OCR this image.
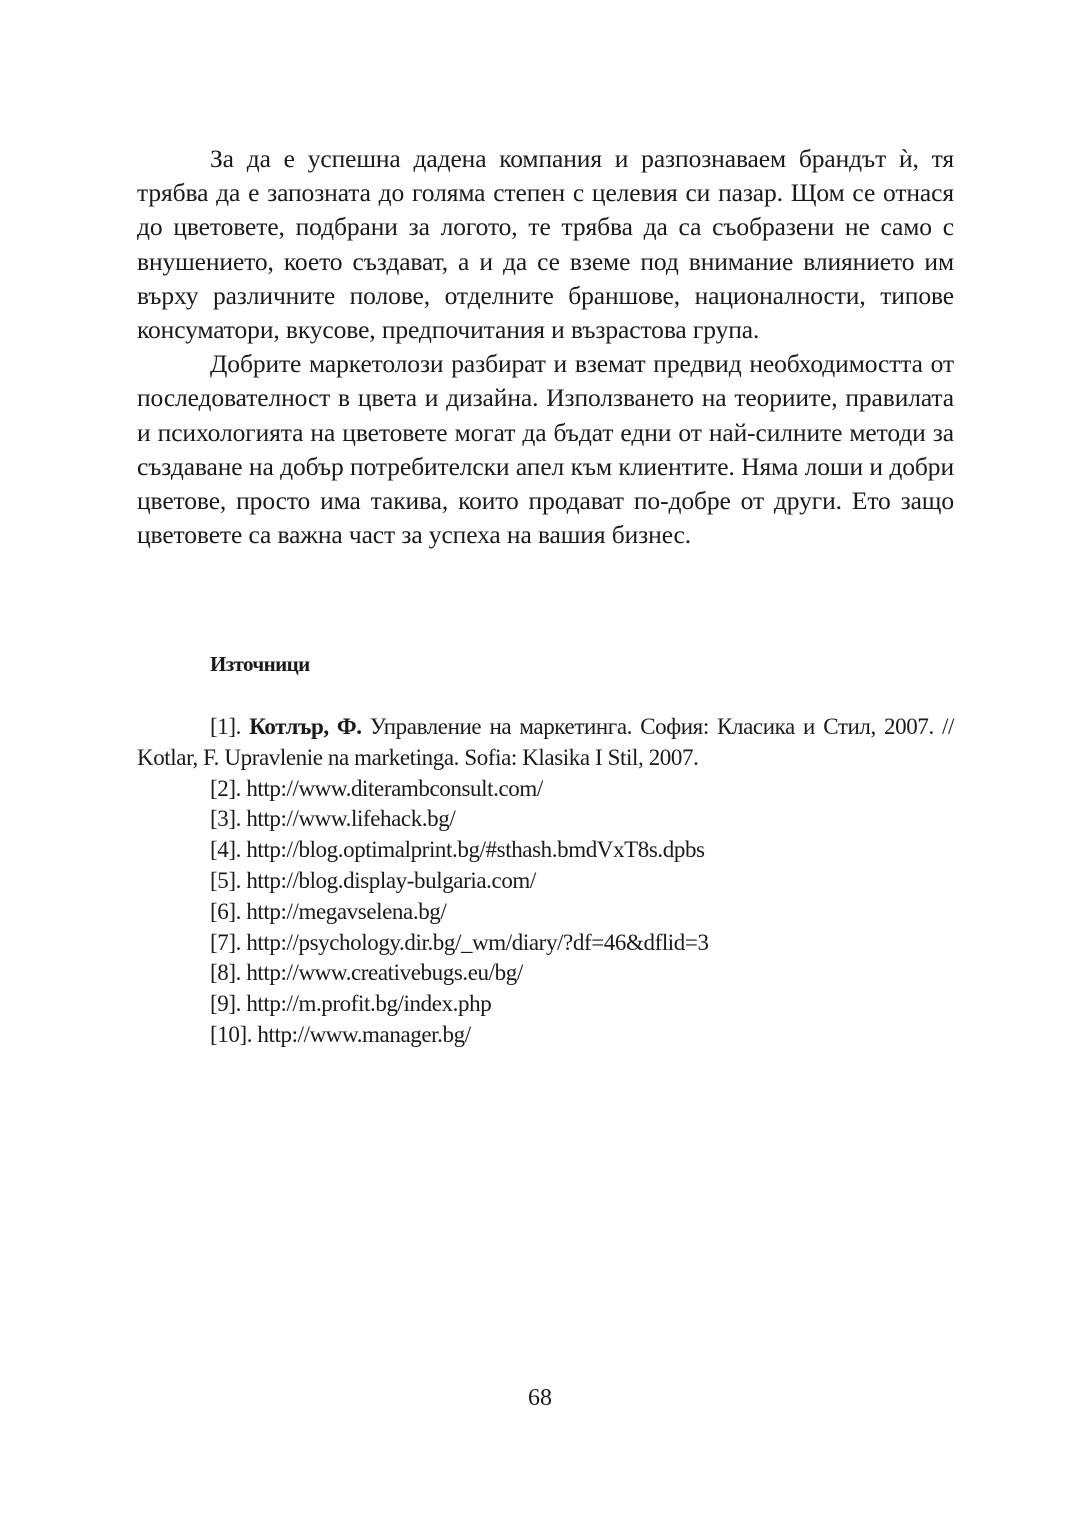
За да е успешна дадена компания и разпознаваем брандът ѝ, тя трябва да е запозната до голяма степен с целевия си пазар. Щом се отнася до цветовете, подбрани за логото, те трябва да са съобразени не само с внушението, което създават, а и да се вземе под внимание влиянието им върху различните полове, отделните браншове, националности, типове консуматори, вкусове, предпочитания и възрастова група.

Добрите маркетолози разбират и вземат предвид необходимостта от последователност в цвета и дизайна. Използването на теориите, правилата и психологията на цветовете могат да бъдат едни от най-силните методи за създаване на добър потребителски апел към клиентите. Няма лоши и добри цветове, просто има такива, които продават по-добре от други. Ето защо цветовете са важна част за успеха на вашия бизнес.

Източници

[1]. Котлър, Ф. Управление на маркетинга. София: Класика и Стил, 2007. // Kotlar, F. Upravlenie na marketinga. Sofia: Klasika I Stil, 2007.

[2]. http://www.diterambconsult.com/

[3]. http://www.lifehack.bg/

[4]. http://blog.optimalprint.bg/#sthash.bmdVxT8s.dpbs

[5]. http://blog.display-bulgaria.com/

[6]. http://megavselena.bg/

[7]. http://psychology.dir.bg/_wm/diary/?df=46&dflid=3

[8]. http://www.creativebugs.eu/bg/

[9]. http://m.profit.bg/index.php

[10]. http://www.manager.bg/

68
